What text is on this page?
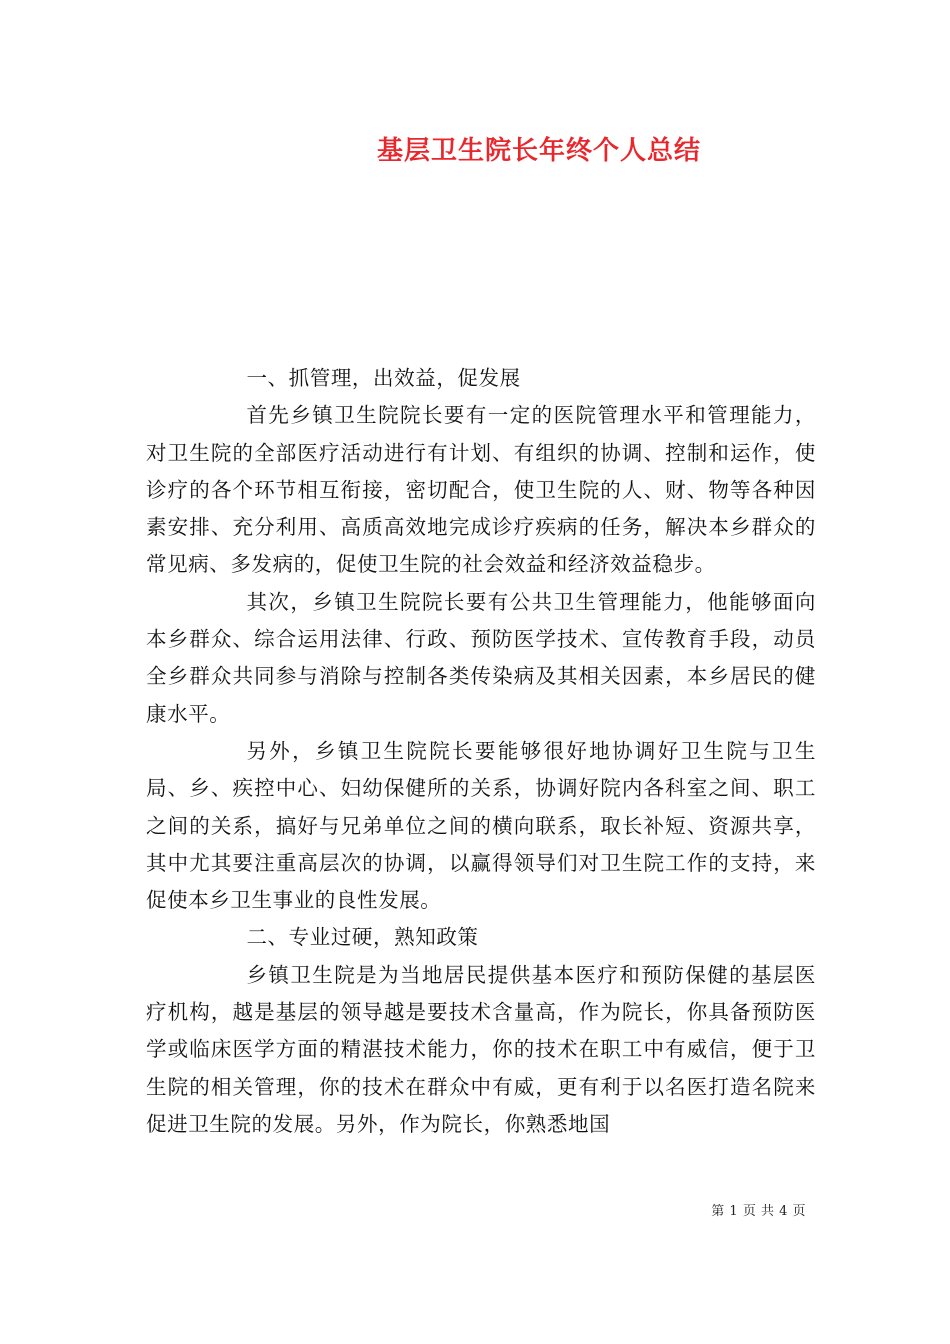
基层卫生院长年终个人总结

一、抓管理，出效益，促发展

首先乡镇卫生院院长要有一定的医院管理水平和管理能力，对卫生院的全部医疗活动进行有计划、有组织的协调、控制和运作，使诊疗的各个环节相互衔接，密切配合，使卫生院的人、财、物等各种因素安排、充分利用、高质高效地完成诊疗疾病的任务，解决本乡群众的常见病、多发病的，促使卫生院的社会效益和经济效益稳步。

其次，乡镇卫生院院长要有公共卫生管理能力，他能够面向本乡群众、综合运用法律、行政、预防医学技术、宣传教育手段，动员全乡群众共同参与消除与控制各类传染病及其相关因素，本乡居民的健康水平。

另外，乡镇卫生院院长要能够很好地协调好卫生院与卫生局、乡、疾控中心、妇幼保健所的关系，协调好院内各科室之间、职工之间的关系，搞好与兄弟单位之间的横向联系，取长补短、资源共享，其中尤其要注重高层次的协调，以赢得领导们对卫生院工作的支持，来促使本乡卫生事业的良性发展。

二、专业过硬，熟知政策

乡镇卫生院是为当地居民提供基本医疗和预防保健的基层医疗机构，越是基层的领导越是要技术含量高，作为院长，你具备预防医学或临床医学方面的精湛技术能力，你的技术在职工中有威信，便于卫生院的相关管理，你的技术在群众中有威，更有利于以名医打造名院来促进卫生院的发展。另外，作为院长，你熟悉地国

第 1 页 共 4 页
